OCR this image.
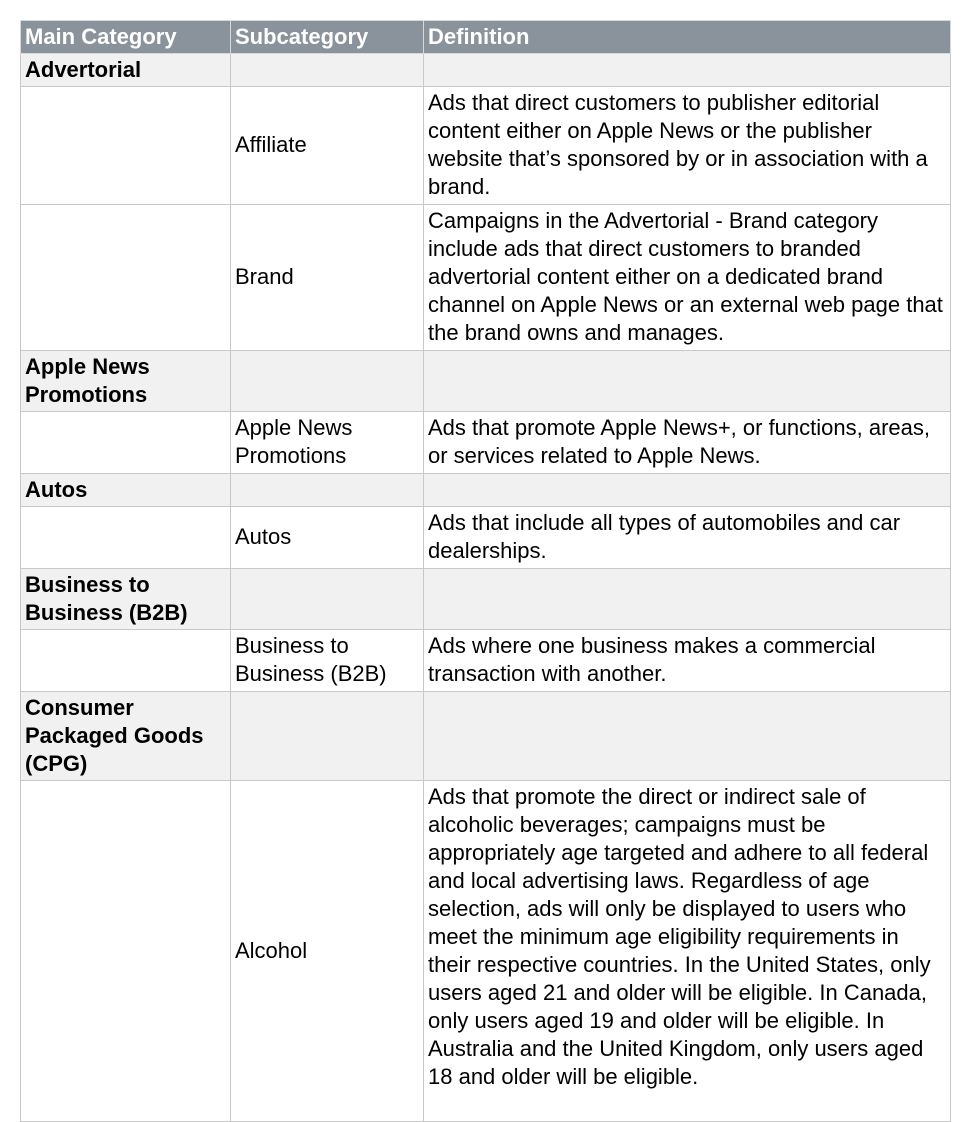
Main Category	Subcategory	Definition
Advertorial		
	Affiliate	Ads that direct customers to publisher editorial content either on Apple News or the publisher website that’s sponsored by or in association with a brand.
	Brand	Campaigns in the Advertorial - Brand category include ads that direct customers to branded advertorial content either on a dedicated brand channel on Apple News or an external web page that the brand owns and manages.
Apple News Promotions		
	Apple News Promotions	Ads that promote Apple News+, or functions, areas, or services related to Apple News.
Autos		
	Autos	Ads that include all types of automobiles and car dealerships.
Business to Business (B2B)		
	Business to Business (B2B)	Ads where one business makes a commercial transaction with another.
Consumer Packaged Goods (CPG)		
	Alcohol	Ads that promote the direct or indirect sale of alcoholic beverages; campaigns must be appropriately age targeted and adhere to all federal and local advertising laws. Regardless of age selection, ads will only be displayed to users who meet the minimum age eligibility requirements in their respective countries. In the United States, only users aged 21 and older will be eligible. In Canada, only users aged 19 and older will be eligible. In Australia and the United Kingdom, only users aged 18 and older will be eligible.
